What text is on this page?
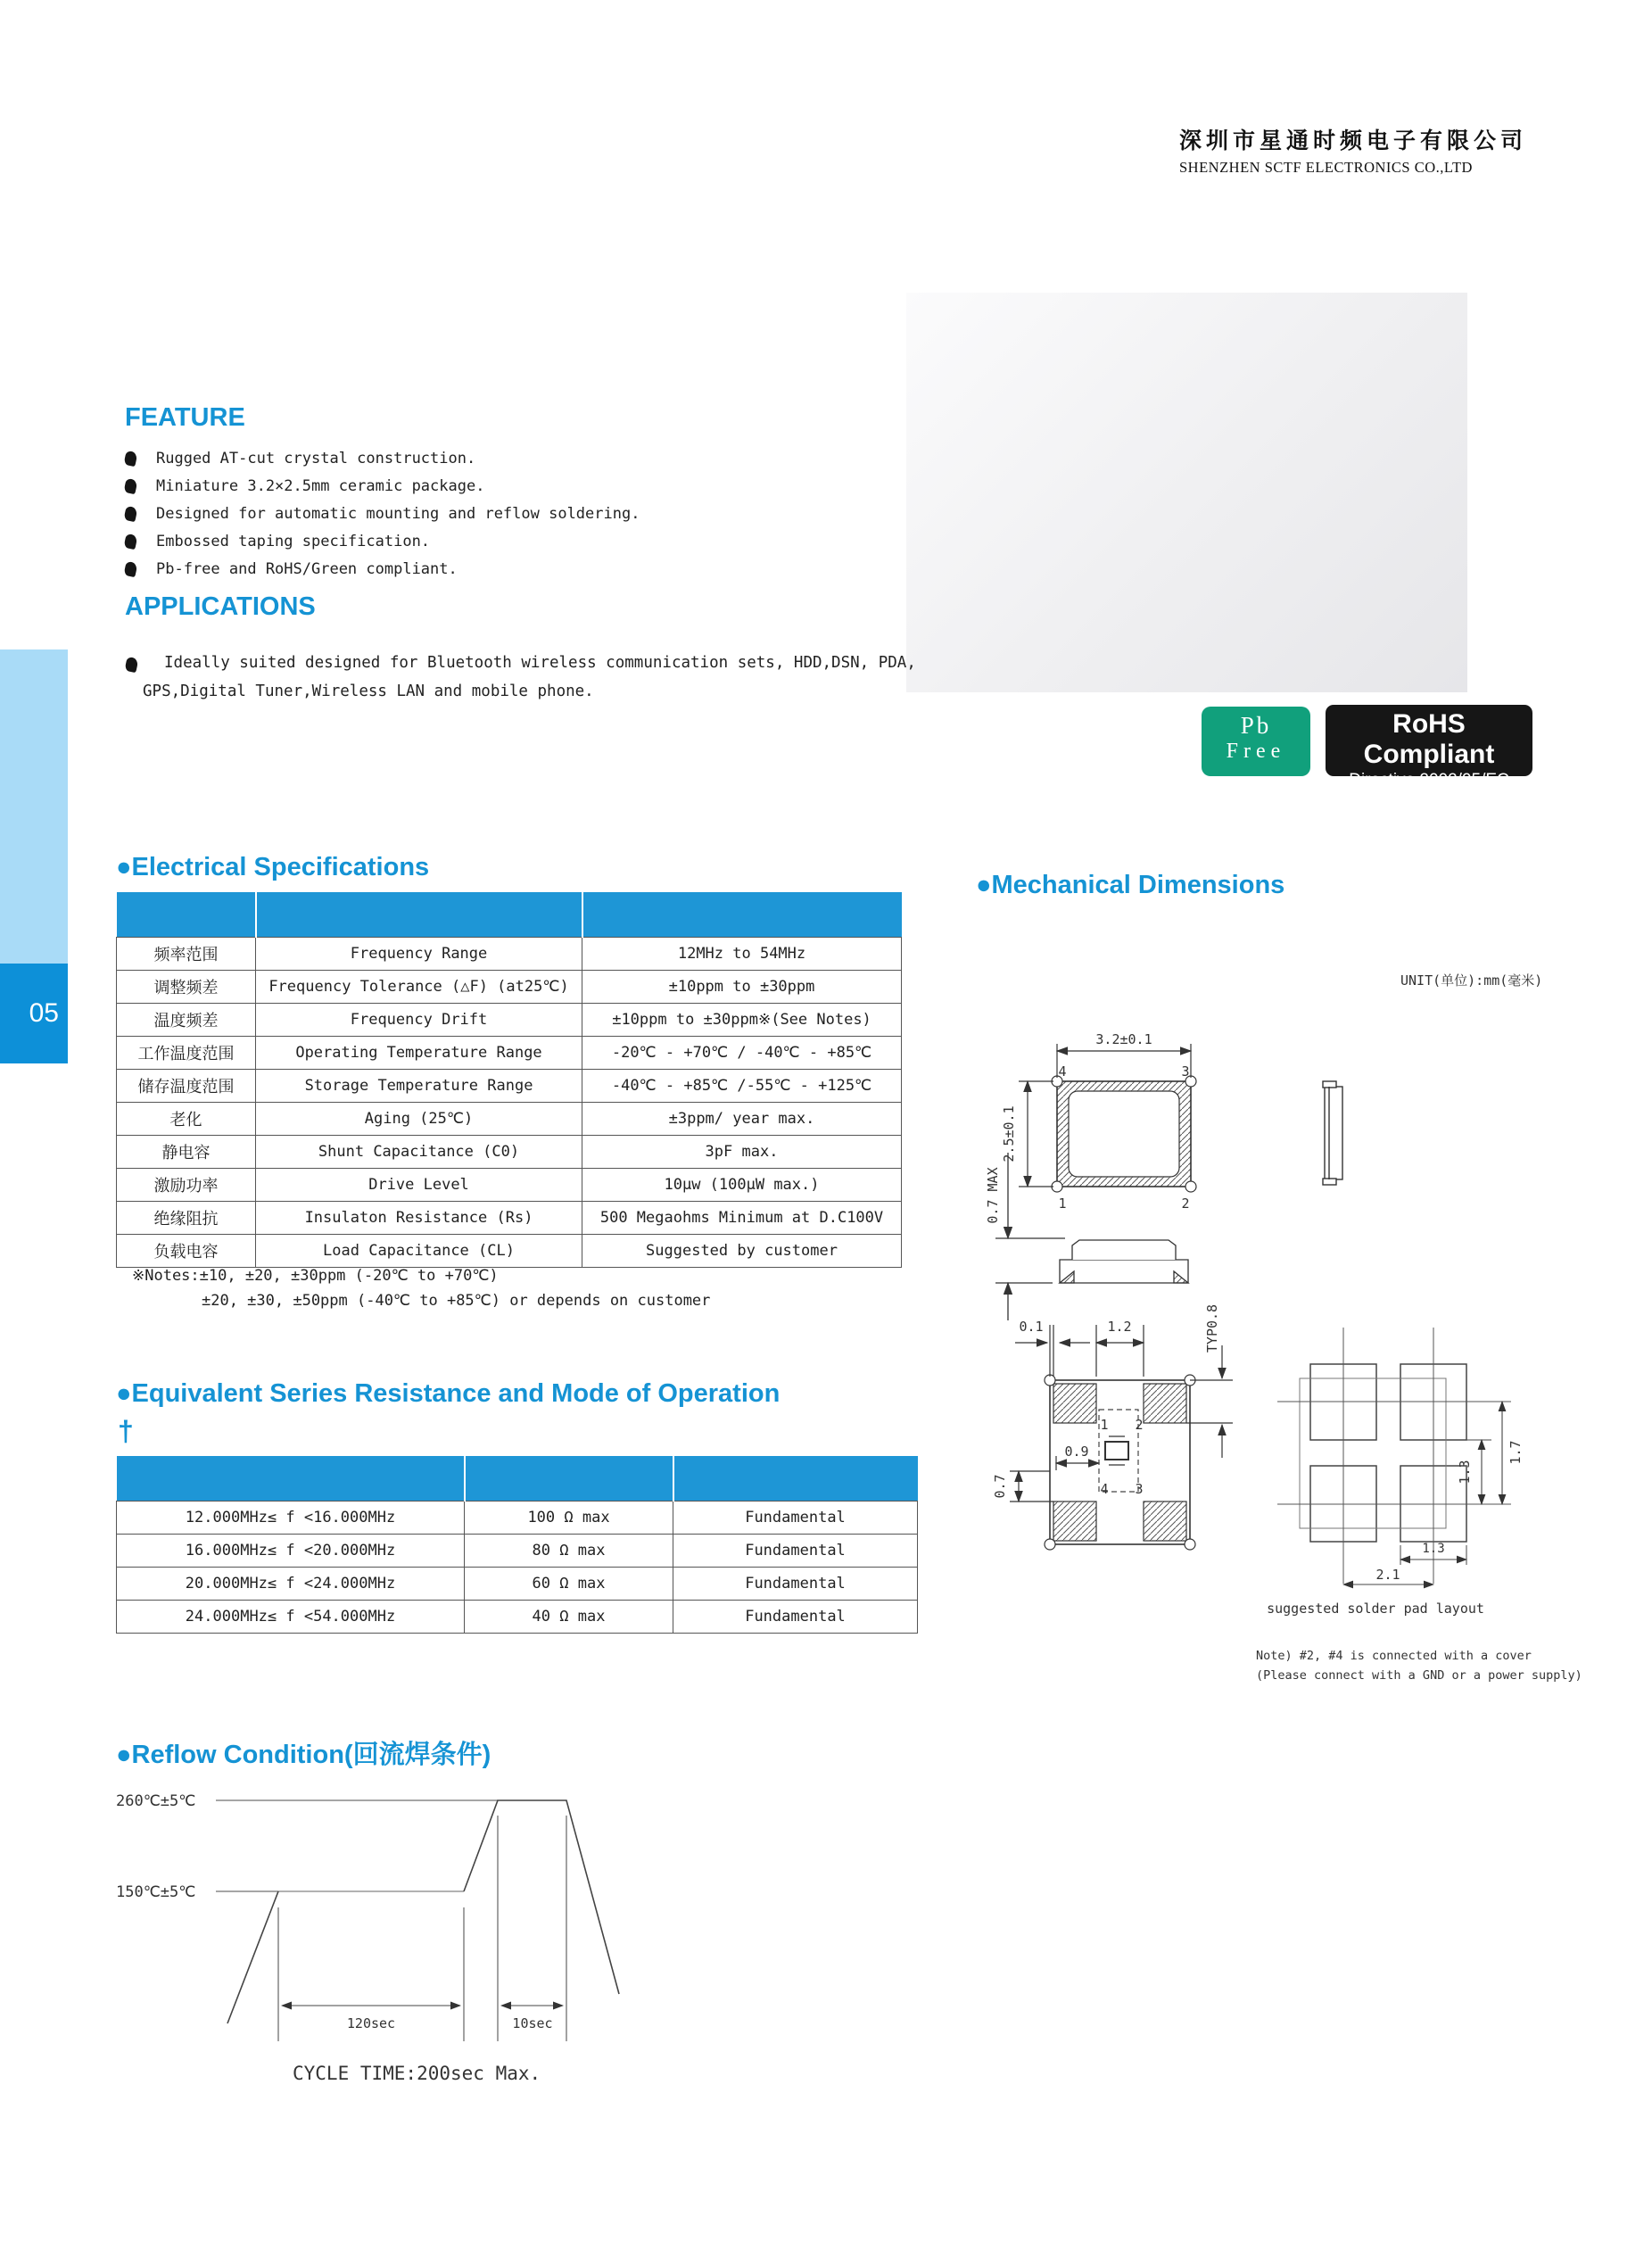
05
深圳市星通时频电子有限公司
SHENZHEN SCTF ELECTRONICS CO.,LTD
Pb
Free
RoHS Compliant
Directive 2002/95/EC
FEATURE
Rugged AT-cut crystal construction.
Miniature 3.2×2.5mm ceramic package.
Designed for automatic mounting and reflow soldering.
Embossed taping specification.
Pb-free and RoHS/Green compliant.
APPLICATIONS
Ideally suited designed for Bluetooth wireless communication sets, HDD,DSN, PDA,
GPS,Digital Tuner,Wireless LAN and mobile phone.
●Electrical Specifications

频率范围	Frequency Range	12MHz to 54MHz
调整频差	Frequency Tolerance (△F) (at25℃)	±10ppm to ±30ppm
温度频差	Frequency Drift	±10ppm to ±30ppm※(See Notes)
工作温度范围	Operating Temperature Range	-20℃ - +70℃ / -40℃ - +85℃
储存温度范围	Storage Temperature Range	-40℃ - +85℃ /-55℃ - +125℃
老化	Aging (25℃)	±3ppm/ year max.
静电容	Shunt Capacitance (C0)	3pF max.
激励功率	Drive Level	10μw (100μW max.)
绝缘阻抗	Insulaton Resistance (Rs)	500 Megaohms Minimum at D.C100V
负载电容	Load Capacitance (CL)	Suggested by customer
※Notes:±10, ±20, ±30ppm (-20℃ to +70℃)
±20, ±30, ±50ppm (-40℃ to +85℃) or depends on customer
●Equivalent Series Resistance and Mode of Operation
†

12.000MHz≤ f <16.000MHz	100 Ω max	Fundamental
16.000MHz≤ f <20.000MHz	80 Ω max	Fundamental
20.000MHz≤ f <24.000MHz	60 Ω max	Fundamental
24.000MHz≤ f <54.000MHz	40 Ω max	Fundamental
●Mechanical Dimensions
UNIT(单位):mm(毫米)
3.2±0.1
2.5±0.1
4	3
1	2
0.7 MAX
0.1	1.2	TYP0.8
0.9
0.7
1 2
4 3
1.7
1.3
1.3
2.1
suggested solder pad layout
Note) #2, #4 is connected with a cover
(Please connect with a GND or a power supply)
●Reflow Condition(回流焊条件)
260℃±5℃
150℃±5℃
120sec	10sec
CYCLE TIME:200sec Max.
